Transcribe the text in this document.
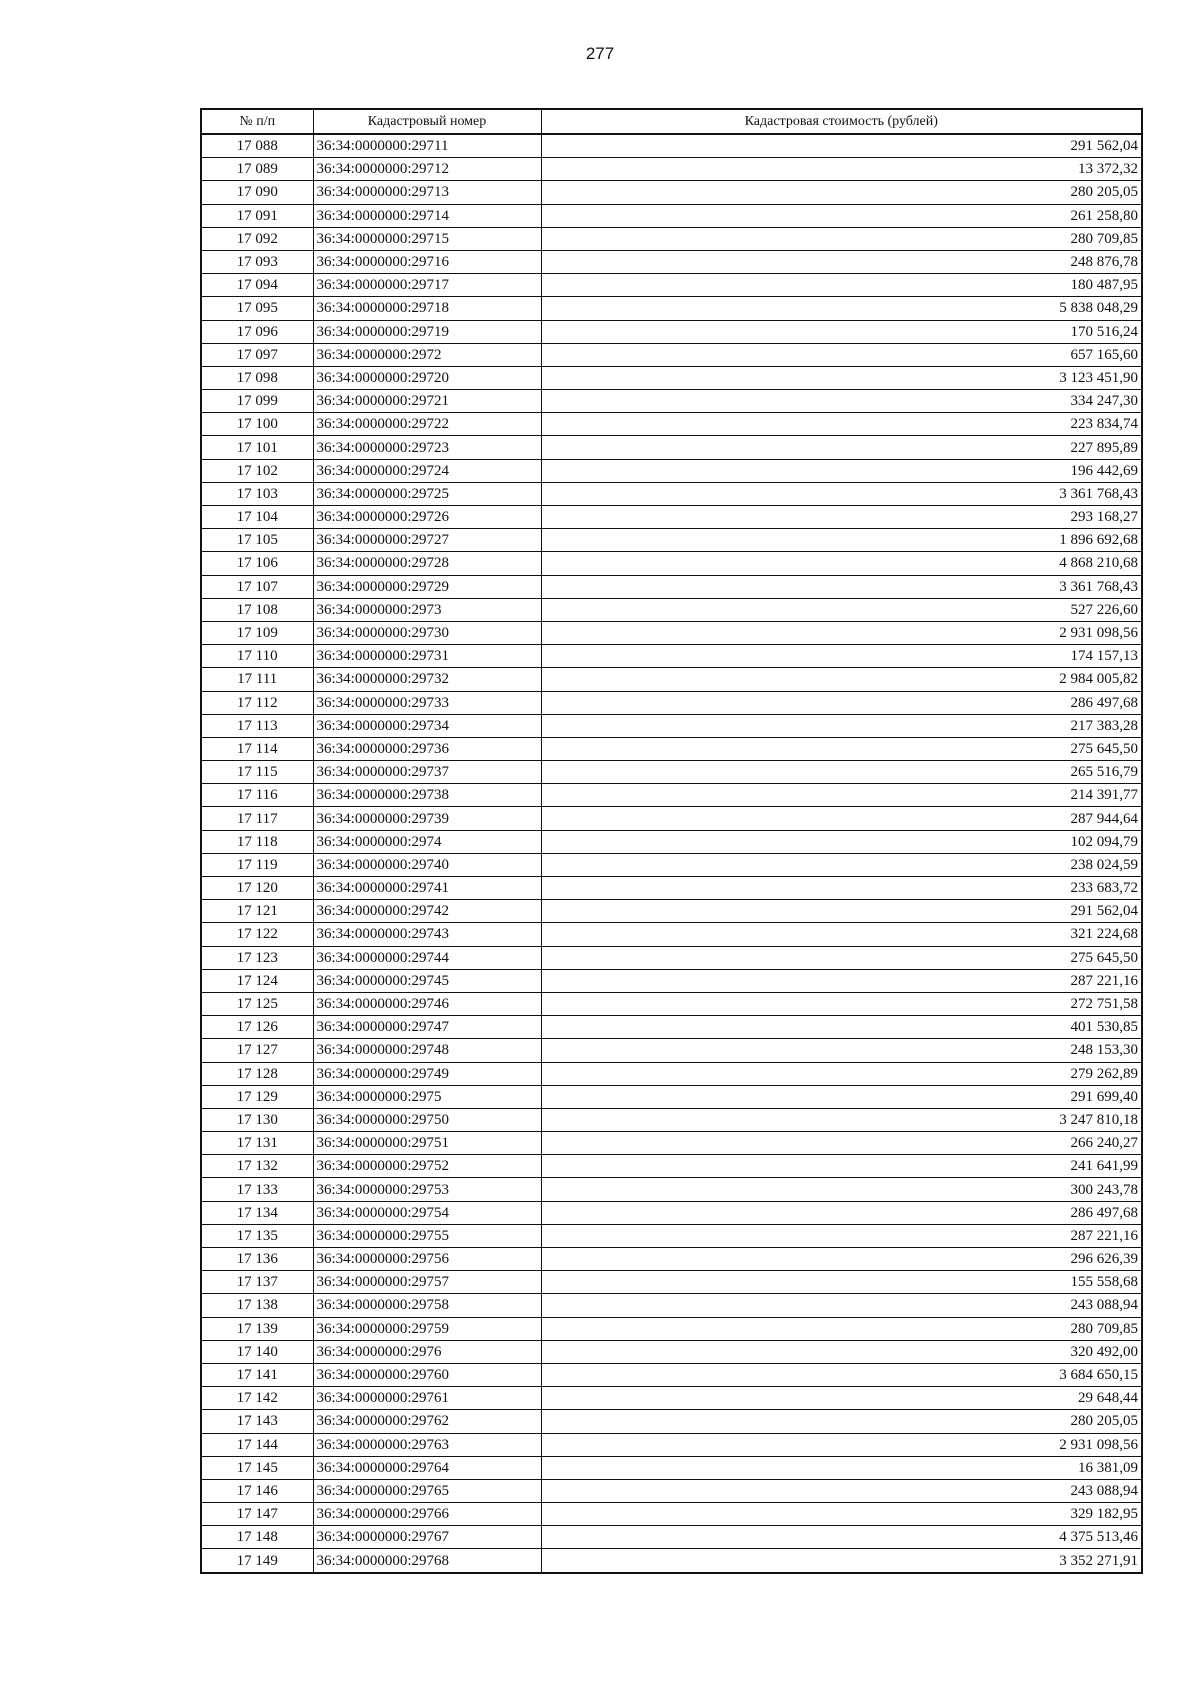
277
№ п/п	Кадастровый номер	Кадастровая стоимость (рублей)
17 088	36:34:0000000:29711	291 562,04
17 089	36:34:0000000:29712	13 372,32
17 090	36:34:0000000:29713	280 205,05
17 091	36:34:0000000:29714	261 258,80
17 092	36:34:0000000:29715	280 709,85
17 093	36:34:0000000:29716	248 876,78
17 094	36:34:0000000:29717	180 487,95
17 095	36:34:0000000:29718	5 838 048,29
17 096	36:34:0000000:29719	170 516,24
17 097	36:34:0000000:2972	657 165,60
17 098	36:34:0000000:29720	3 123 451,90
17 099	36:34:0000000:29721	334 247,30
17 100	36:34:0000000:29722	223 834,74
17 101	36:34:0000000:29723	227 895,89
17 102	36:34:0000000:29724	196 442,69
17 103	36:34:0000000:29725	3 361 768,43
17 104	36:34:0000000:29726	293 168,27
17 105	36:34:0000000:29727	1 896 692,68
17 106	36:34:0000000:29728	4 868 210,68
17 107	36:34:0000000:29729	3 361 768,43
17 108	36:34:0000000:2973	527 226,60
17 109	36:34:0000000:29730	2 931 098,56
17 110	36:34:0000000:29731	174 157,13
17 111	36:34:0000000:29732	2 984 005,82
17 112	36:34:0000000:29733	286 497,68
17 113	36:34:0000000:29734	217 383,28
17 114	36:34:0000000:29736	275 645,50
17 115	36:34:0000000:29737	265 516,79
17 116	36:34:0000000:29738	214 391,77
17 117	36:34:0000000:29739	287 944,64
17 118	36:34:0000000:2974	102 094,79
17 119	36:34:0000000:29740	238 024,59
17 120	36:34:0000000:29741	233 683,72
17 121	36:34:0000000:29742	291 562,04
17 122	36:34:0000000:29743	321 224,68
17 123	36:34:0000000:29744	275 645,50
17 124	36:34:0000000:29745	287 221,16
17 125	36:34:0000000:29746	272 751,58
17 126	36:34:0000000:29747	401 530,85
17 127	36:34:0000000:29748	248 153,30
17 128	36:34:0000000:29749	279 262,89
17 129	36:34:0000000:2975	291 699,40
17 130	36:34:0000000:29750	3 247 810,18
17 131	36:34:0000000:29751	266 240,27
17 132	36:34:0000000:29752	241 641,99
17 133	36:34:0000000:29753	300 243,78
17 134	36:34:0000000:29754	286 497,68
17 135	36:34:0000000:29755	287 221,16
17 136	36:34:0000000:29756	296 626,39
17 137	36:34:0000000:29757	155 558,68
17 138	36:34:0000000:29758	243 088,94
17 139	36:34:0000000:29759	280 709,85
17 140	36:34:0000000:2976	320 492,00
17 141	36:34:0000000:29760	3 684 650,15
17 142	36:34:0000000:29761	29 648,44
17 143	36:34:0000000:29762	280 205,05
17 144	36:34:0000000:29763	2 931 098,56
17 145	36:34:0000000:29764	16 381,09
17 146	36:34:0000000:29765	243 088,94
17 147	36:34:0000000:29766	329 182,95
17 148	36:34:0000000:29767	4 375 513,46
17 149	36:34:0000000:29768	3 352 271,91
